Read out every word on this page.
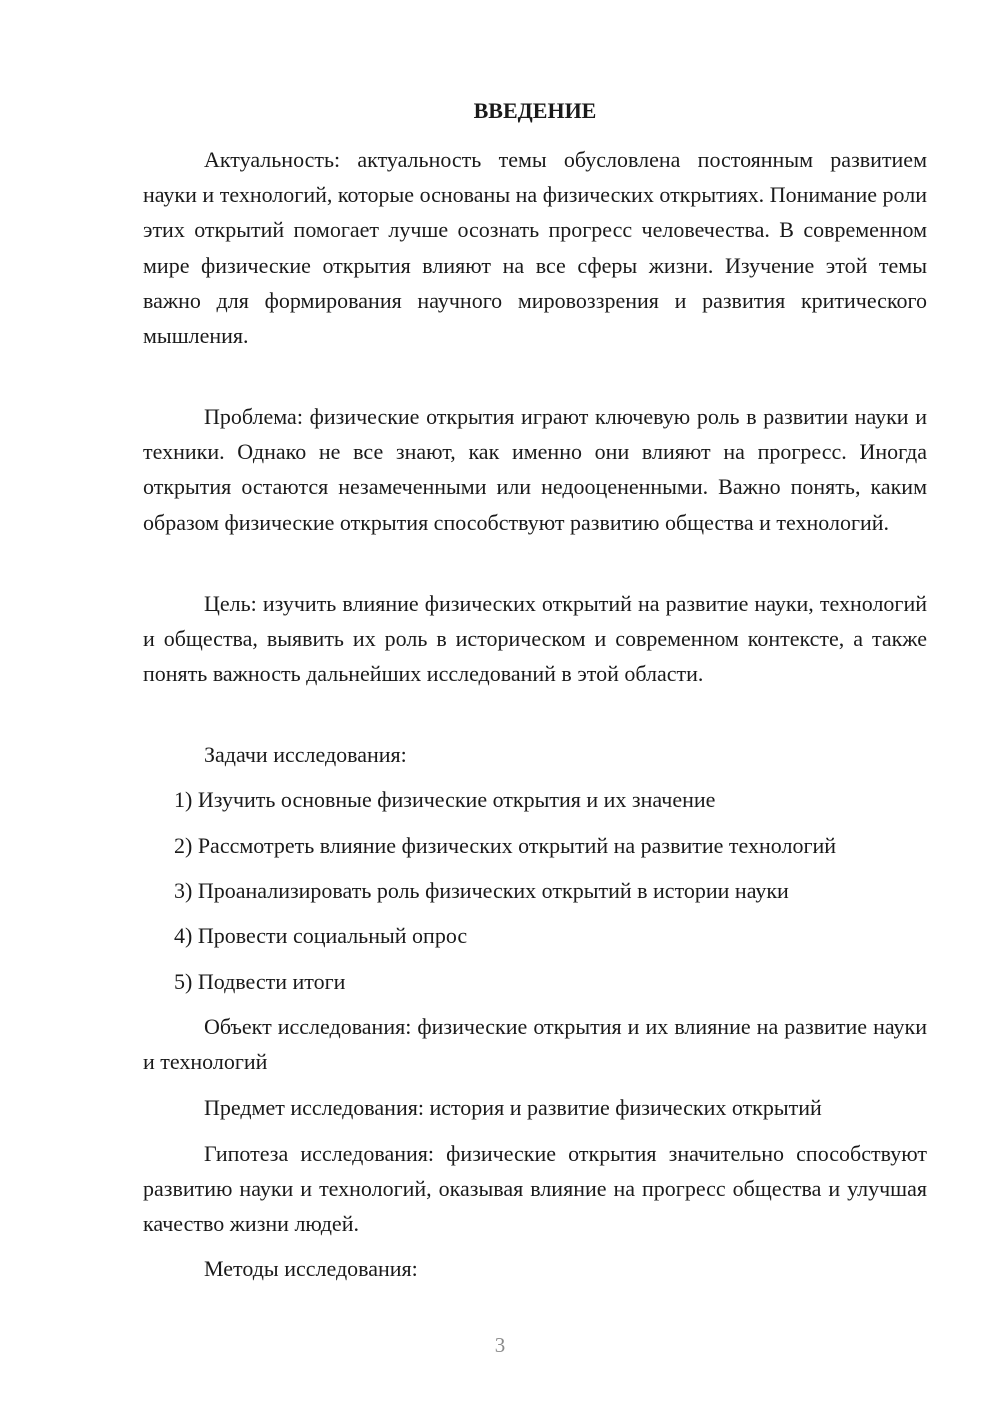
ВВЕДЕНИЕ

Актуальность: актуальность темы обусловлена постоянным развитием науки и технологий, которые основаны на физических открытиях. Понимание роли этих открытий помогает лучше осознать прогресс человечества. В современном мире физические открытия влияют на все сферы жизни. Изучение этой темы важно для формирования научного мировоззрения и развития критического мышления.

Проблема: физические открытия играют ключевую роль в развитии науки и техники. Однако не все знают, как именно они влияют на прогресс. Иногда открытия остаются незамеченными или недооцененными. Важно понять, каким образом физические открытия способствуют развитию общества и технологий.

Цель: изучить влияние физических открытий на развитие науки, технологий и общества, выявить их роль в историческом и современном контексте, а также понять важность дальнейших исследований в этой области.

Задачи исследования:

1) Изучить основные физические открытия и их значение
2) Рассмотреть влияние физических открытий на развитие технологий
3) Проанализировать роль физических открытий в истории науки
4) Провести социальный опрос
5) Подвести итоги

Объект исследования: физические открытия и их влияние на развитие науки и технологий

Предмет исследования: история и развитие физических открытий

Гипотеза исследования: физические открытия значительно способствуют развитию науки и технологий, оказывая влияние на прогресс общества и улучшая качество жизни людей.

Методы исследования:

3
